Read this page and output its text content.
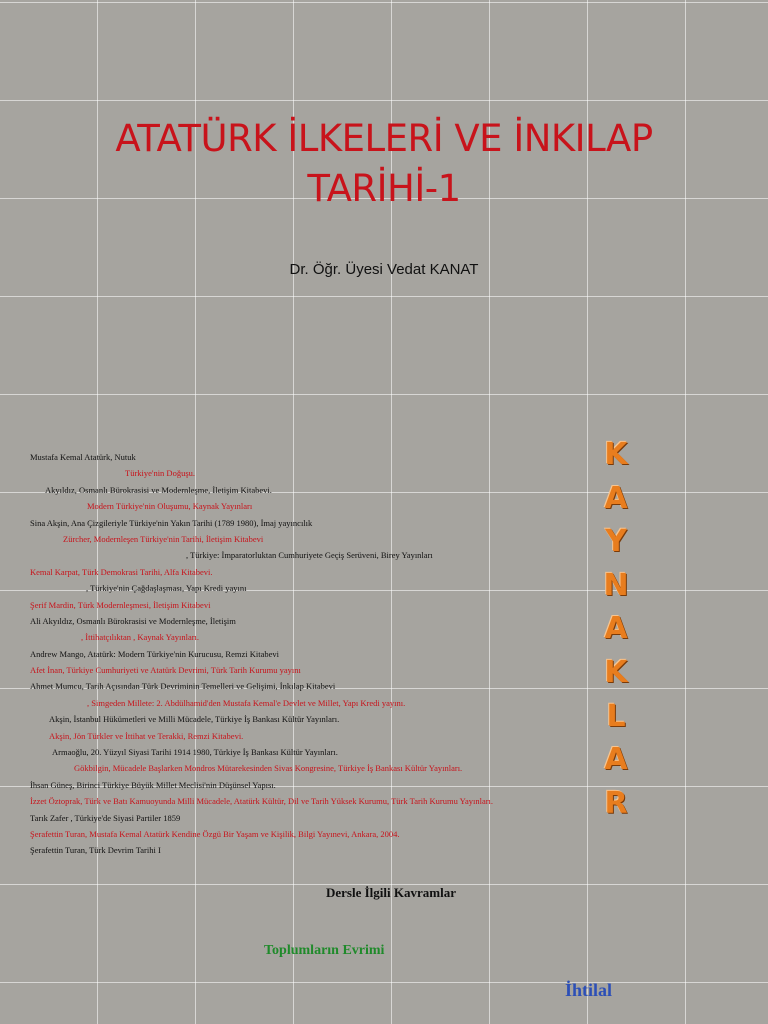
ATATÜRK İLKELERİ VE İNKILAP
TARİHİ-1
Dr. Öğr. Üyesi Vedat KANAT
Mustafa Kemal Atatürk, Nutuk
Türkiye'nin Doğuşu.
Akyıldız, Osmanlı Bürokrasisi ve Modernleşme, İletişim Kitabevi.
Modern Türkiye'nin Oluşumu, Kaynak Yayınları
Sina Akşin, Ana Çizgileriyle Türkiye'nin Yakın Tarihi (1789 1980), İmaj yayıncılık
Zürcher, Modernleşen Türkiye'nin Tarihi, İletişim Kitabevi
, Türkiye: İmparatorluktan Cumhuriyete Geçiş Serüveni, Birey Yayınları
Kemal Karpat, Türk Demokrasi Tarihi, Alfa Kitabevi.
, Türkiye'nin Çağdaşlaşması, Yapı Kredi yayını
Şerif Mardin, Türk Modernleşmesi, İletişim Kitabevi
Ali Akyıldız, Osmanlı Bürokrasisi ve Modernleşme, İletişim
, İttihatçılıktan , Kaynak Yayınları.
Andrew Mango, Atatürk: Modern Türkiye'nin Kurucusu, Remzi Kitabevi
Afet İnan, Türkiye Cumhuriyeti ve Atatürk Devrimi, Türk Tarih Kurumu yayını
Ahmet Mumcu, Tarih Açısından Türk Devriminin Temelleri ve Gelişimi, İnkılap Kitabevi
, Simgeden Millete: 2. Abdülhamid'den Mustafa Kemal'e Devlet ve Millet, Yapı Kredi yayını.
Akşin, İstanbul Hükümetleri ve Milli Mücadele, Türkiye İş Bankası Kültür Yayınları.
Akşin, Jön Türkler ve İttihat ve Terakki, Remzi Kitabevi.
Armaoğlu, 20. Yüzyıl Siyasi Tarihi 1914 1980, Türkiye İş Bankası Kültür Yayınları.
Gökbilgin, Mücadele Başlarken Mondros Mütarekesinden Sivas Kongresine, Türkiye İş Bankası Kültür Yayınları.
İhsan Güneş, Birinci Türkiye Büyük Millet Meclisi'nin Düşünsel Yapısı.
İzzet Öztoprak, Türk ve Batı Kamuoyunda Milli Mücadele, Atatürk Kültür, Dil ve Tarih Yüksek Kurumu, Türk Tarih Kurumu Yayınları.
Tarık Zafer , Türkiye'de Siyasi Partiler 1859
Şerafettin Turan, Mustafa Kemal Atatürk Kendine Özgü Bir Yaşam ve Kişilik, Bilgi Yayınevi, Ankara, 2004.
Şerafettin Turan, Türk Devrim Tarihi I
K
A
Y
N
A
K
L
A
R
Dersle İlgili Kavramlar
Toplumların Evrimi
İhtilal
